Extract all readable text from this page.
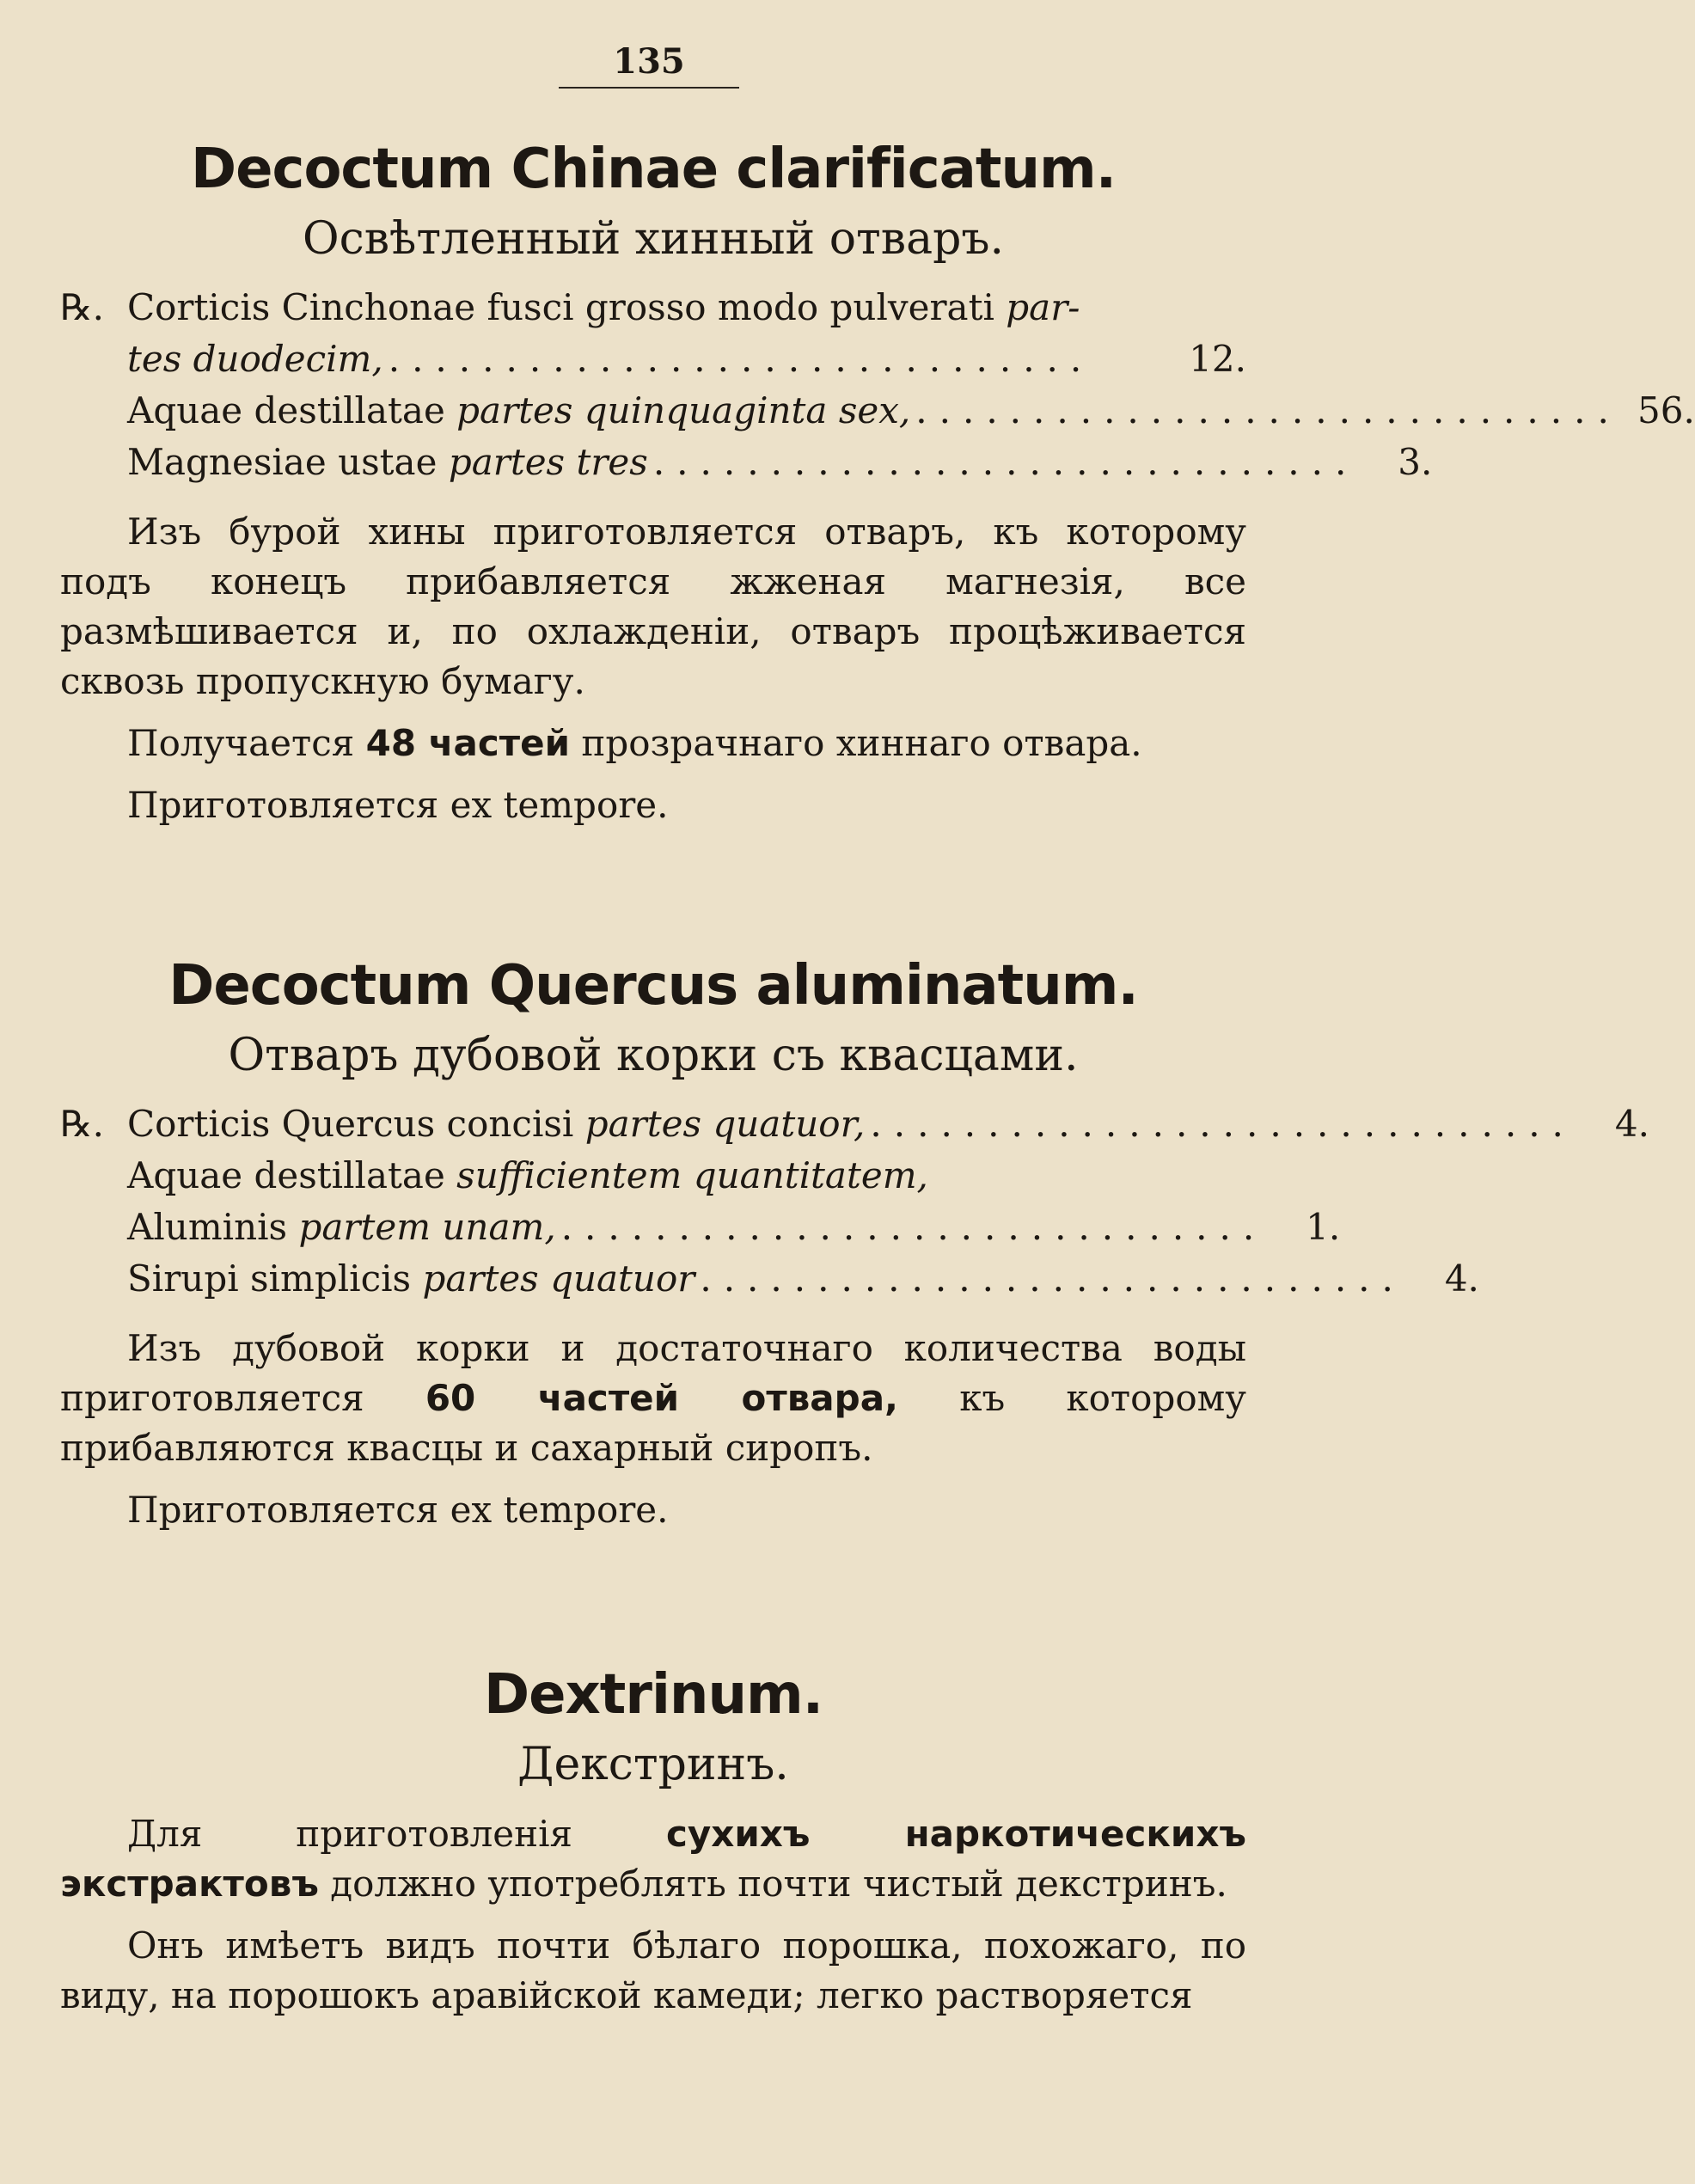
135
Decoctum Chinae clarificatum.
Освѣтленный хинный отваръ.
℞. Corticis Cinchonae fusci grosso modo pulverati par-
tes duodecim, ..............................	12.
Aquae destillatae partes quinquaginta sex, .............................. 56.
Magnesiae ustae partes tres ..............................	3.

Изъ бурой хины приготовляется отваръ, къ которому подъ конецъ прибавляется жженая магнезія, все размѣшивается и, по охлажденіи, отваръ процѣживается сквозь пропускную бумагу.

Получается 48 частей прозрачнаго хиннаго отвара.

Приготовляется ex tempore.

Decoctum Quercus aluminatum.
Отваръ дубовой корки съ квасцами.
℞. Corticis Quercus concisi partes quatuor, ..............................	4.
Aquae destillatae sufficientem quantitatem,
Aluminis partem unam, ..............................	1.
Sirupi simplicis partes quatuor ..............................	4.

Изъ дубовой корки и достаточнаго количества воды приготовляется 60 частей отвара, къ которому прибавляются квасцы и сахарный сиропъ.

Приготовляется ex tempore.

Dextrinum.
Декстринъ.

Для приготовленія	сухихъ наркотическихъ экстрактовъ должно употреблять почти чистый декстринъ.

Онъ имѣетъ видъ почти бѣлаго порошка, похожаго, по виду, на порошокъ аравійской камеди; легко растворяется
